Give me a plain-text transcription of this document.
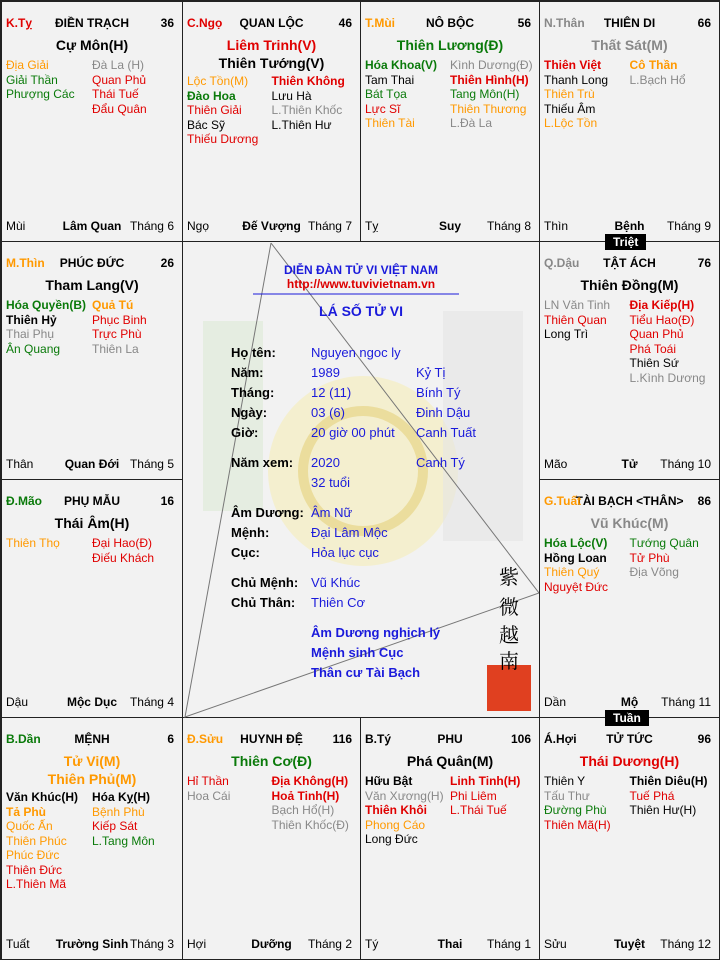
ĐIỀN TRẠCH
K.Tỵ	36
Cự Môn(H)
Địa Giải
Giải Thần
Phượng Các
Đà La (H)
Quan Phủ
Thái Tuế
Đẩu Quân
Lâm Quan
Mùi	Tháng 6
QUAN LỘC
C.Ngọ	46
Liêm Trinh(V)
Thiên Tướng(V)
Lộc Tồn(M)
Đào Hoa
Thiên Giải
Bác Sỹ
Thiếu Dương
Thiên Không
Lưu Hà
L.Thiên Khốc
L.Thiên Hư
Đế Vượng
Ngọ	Tháng 7
NÔ BỘC
T.Mùi	56
Thiên Lương(Đ)
Hóa Khoa(V)
Tam Thai
Bát Tọa
Lực Sĩ
Thiên Tài
Kình Dương(Đ)
Thiên Hình(H)
Tang Môn(H)
Thiên Thương
L.Đà La
Suy
Tỵ	Tháng 8
THIÊN DI
N.Thân	66
Thất Sát(M)
Thiên Việt
Thanh Long
Thiên Trù
Thiếu Âm
L.Lộc Tồn
Cô Thần
L.Bạch Hổ
Bệnh
Thìn	Tháng 9
PHÚC ĐỨC
M.Thìn	26
Tham Lang(V)
Hóa Quyền(B)
Thiên Hỷ
Thai Phụ
Ân Quang
Quả Tú
Phục Binh
Trực Phù
Thiên La
Quan Đới
Thân	Tháng 5
TẬT ÁCH
Q.Dậu	76
Thiên Đồng(M)
LN Văn Tinh
Thiên Quan
Long Trì
Địa Kiếp(H)
Tiểu Hao(Đ)
Quan Phủ
Phá Toái
Thiên Sứ
L.Kình Dương
Tử
Mão	Tháng 10
PHỤ MẪU
Đ.Mão	16
Thái Âm(H)
Thiên Thọ	Đại Hao(Đ)
Điếu Khách
Mộc Dục
Dậu	Tháng 4
TÀI BẠCH <THÂN>
G.Tuất	86
Vũ Khúc(M)
Hóa Lộc(V)
Hồng Loan
Thiên Quý
Nguyệt Đức
Tướng Quân
Tử Phù
Địa Võng
Mộ
Dần	Tháng 11
MỆNH
B.Dần	6
Tử Vi(M)
Thiên Phủ(M)
Văn Khúc(H)
Tả Phù
Quốc Ấn
Thiên Phúc
Phúc Đức
Thiên Đức
L.Thiên Mã
Hóa Kỵ(H)
Bệnh Phù
Kiếp Sát
L.Tang Môn
Trường Sinh
Tuất	Tháng 3
HUYNH ĐỆ
Đ.Sửu	116
Thiên Cơ(Đ)
Hỉ Thần
Hoa Cái
Địa Không(H)
Hoả Tinh(H)
Bạch Hổ(H)
Thiên Khốc(Đ)
Dưỡng
Hợi	Tháng 2
PHU
B.Tý	106
Phá Quân(M)
Hữu Bật
Văn Xương(H)
Thiên Khôi
Phong Cáo
Long Đức
Linh Tinh(H)
Phi Liêm
L.Thái Tuế
Thai
Tý	Tháng 1
TỬ TỨC
Á.Hợi	96
Thái Dương(H)
Thiên Y
Tấu Thư
Đường Phù
Thiên Mã(H)
Thiên Diêu(H)
Tuế Phá
Thiên Hư(H)
Tuyệt
Sửu	Tháng 12
Triệt
Tuần
DIỄN ĐÀN TỬ VI VIỆT NAM
http://www.tuvivietnam.vn
LÁ SỐ TỬ VI
Họ tên:	Nguyen ngoc ly
Năm:	1989	Kỷ Tị
Tháng:	12 (11)	Bính Tý
Ngày:	03 (6)	Đinh Dậu
Giờ:	20 giờ 00 phút Canh Tuất
Năm xem: 2020	Canh Tý
32 tuổi
Âm Dương: Âm Nữ
Mệnh:	Đại Lâm Mộc
Cục:	Hỏa lục cục
Chủ Mệnh: Vũ Khúc
Chủ Thân: Thiên Cơ
Âm Dương nghịch lý
Mệnh sinh Cục
Thân cư Tài Bạch
紫
微
越
南
